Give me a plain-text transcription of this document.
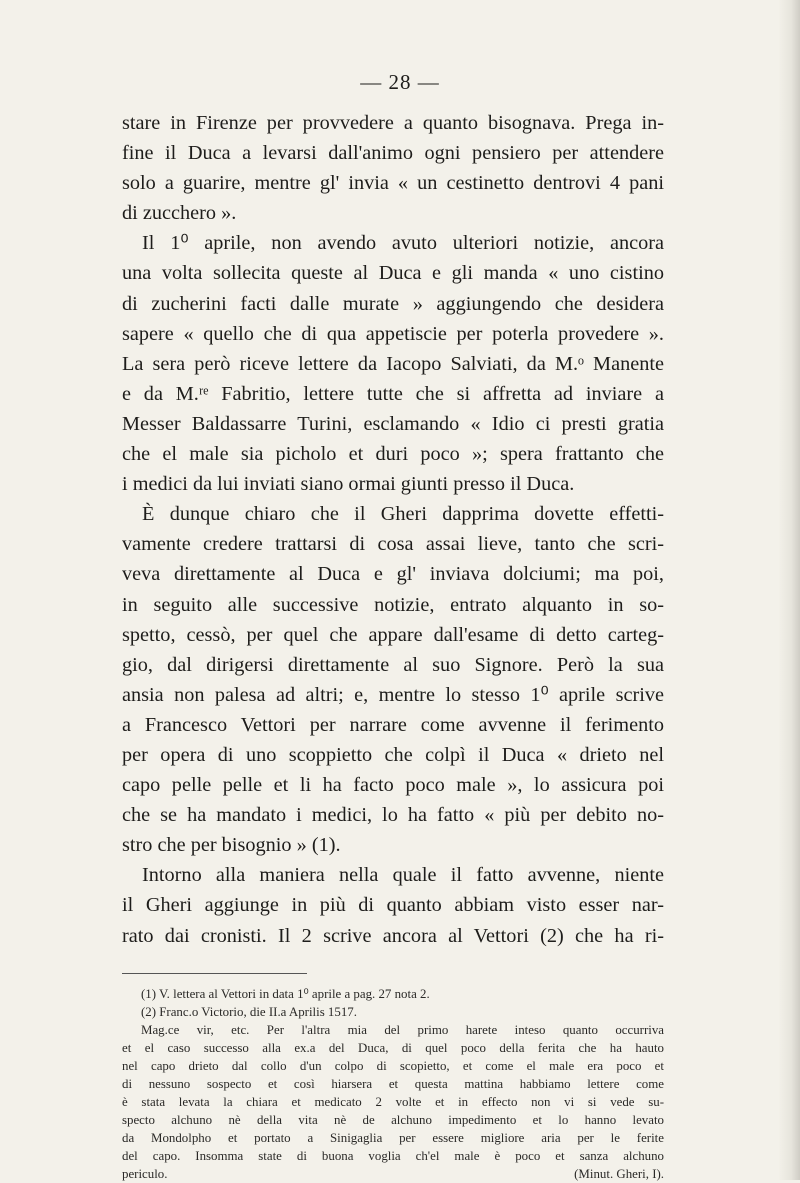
— 28 —
stare in Firenze per provvedere a quanto bisognava. Prega in-
fine il Duca a levarsi dall'animo ogni pensiero per attendere
solo a guarire, mentre gl' invia « un cestinetto dentrovi 4 pani
di zucchero ».
Il 1⁰ aprile, non avendo avuto ulteriori notizie, ancora
una volta sollecita queste al Duca e gli manda « uno cistino
di zucherini facti dalle murate » aggiungendo che desidera
sapere « quello che di qua appetiscie per poterla provedere ».
La sera però riceve lettere da Iacopo Salviati, da M.ᵒ Manente
e da M.ʳᵉ Fabritio, lettere tutte che si affretta ad inviare a
Messer Baldassarre Turini, esclamando « Idio ci presti gratia
che el male sia picholo et duri poco »; spera frattanto che
i medici da lui inviati siano ormai giunti presso il Duca.
È dunque chiaro che il Gheri dapprima dovette effetti-
vamente credere trattarsi di cosa assai lieve, tanto che scri-
veva direttamente al Duca e gl' inviava dolciumi; ma poi,
in seguito alle successive notizie, entrato alquanto in so-
spetto, cessò, per quel che appare dall'esame di detto carteg-
gio, dal dirigersi direttamente al suo Signore. Però la sua
ansia non palesa ad altri; e, mentre lo stesso 1⁰ aprile scrive
a Francesco Vettori per narrare come avvenne il ferimento
per opera di uno scoppietto che colpì il Duca « drieto nel
capo pelle pelle et li ha facto poco male », lo assicura poi
che se ha mandato i medici, lo ha fatto « più per debito no-
stro che per bisognio » (1).
Intorno alla maniera nella quale il fatto avvenne, niente
il Gheri aggiunge in più di quanto abbiam visto esser nar-
rato dai cronisti. Il 2 scrive ancora al Vettori (2) che ha ri-
(1) V. lettera al Vettori in data 1⁰ aprile a pag. 27 nota 2.
(2) Franc.o Victorio, die II.a Aprilis 1517.
Mag.ce vir, etc. Per l'altra mia del primo harete inteso quanto occurriva
et el caso successo alla ex.a del Duca, di quel poco della ferita che ha hauto
nel capo drieto dal collo d'un colpo di scopietto, et come el male era poco et
di nessuno sospecto et così hiarsera et questa mattina habbiamo lettere come
è stata levata la chiara et medicato 2 volte et in effecto non vi si vede su-
specto alchuno nè della vita nè de alchuno impedimento et lo hanno levato
da Mondolpho et portato a Sinigaglia per essere migliore aria per le ferite
del capo. Insomma state di buona voglia ch'el male è poco et sanza alchuno
periculo.	(Minut. Gheri, I).
